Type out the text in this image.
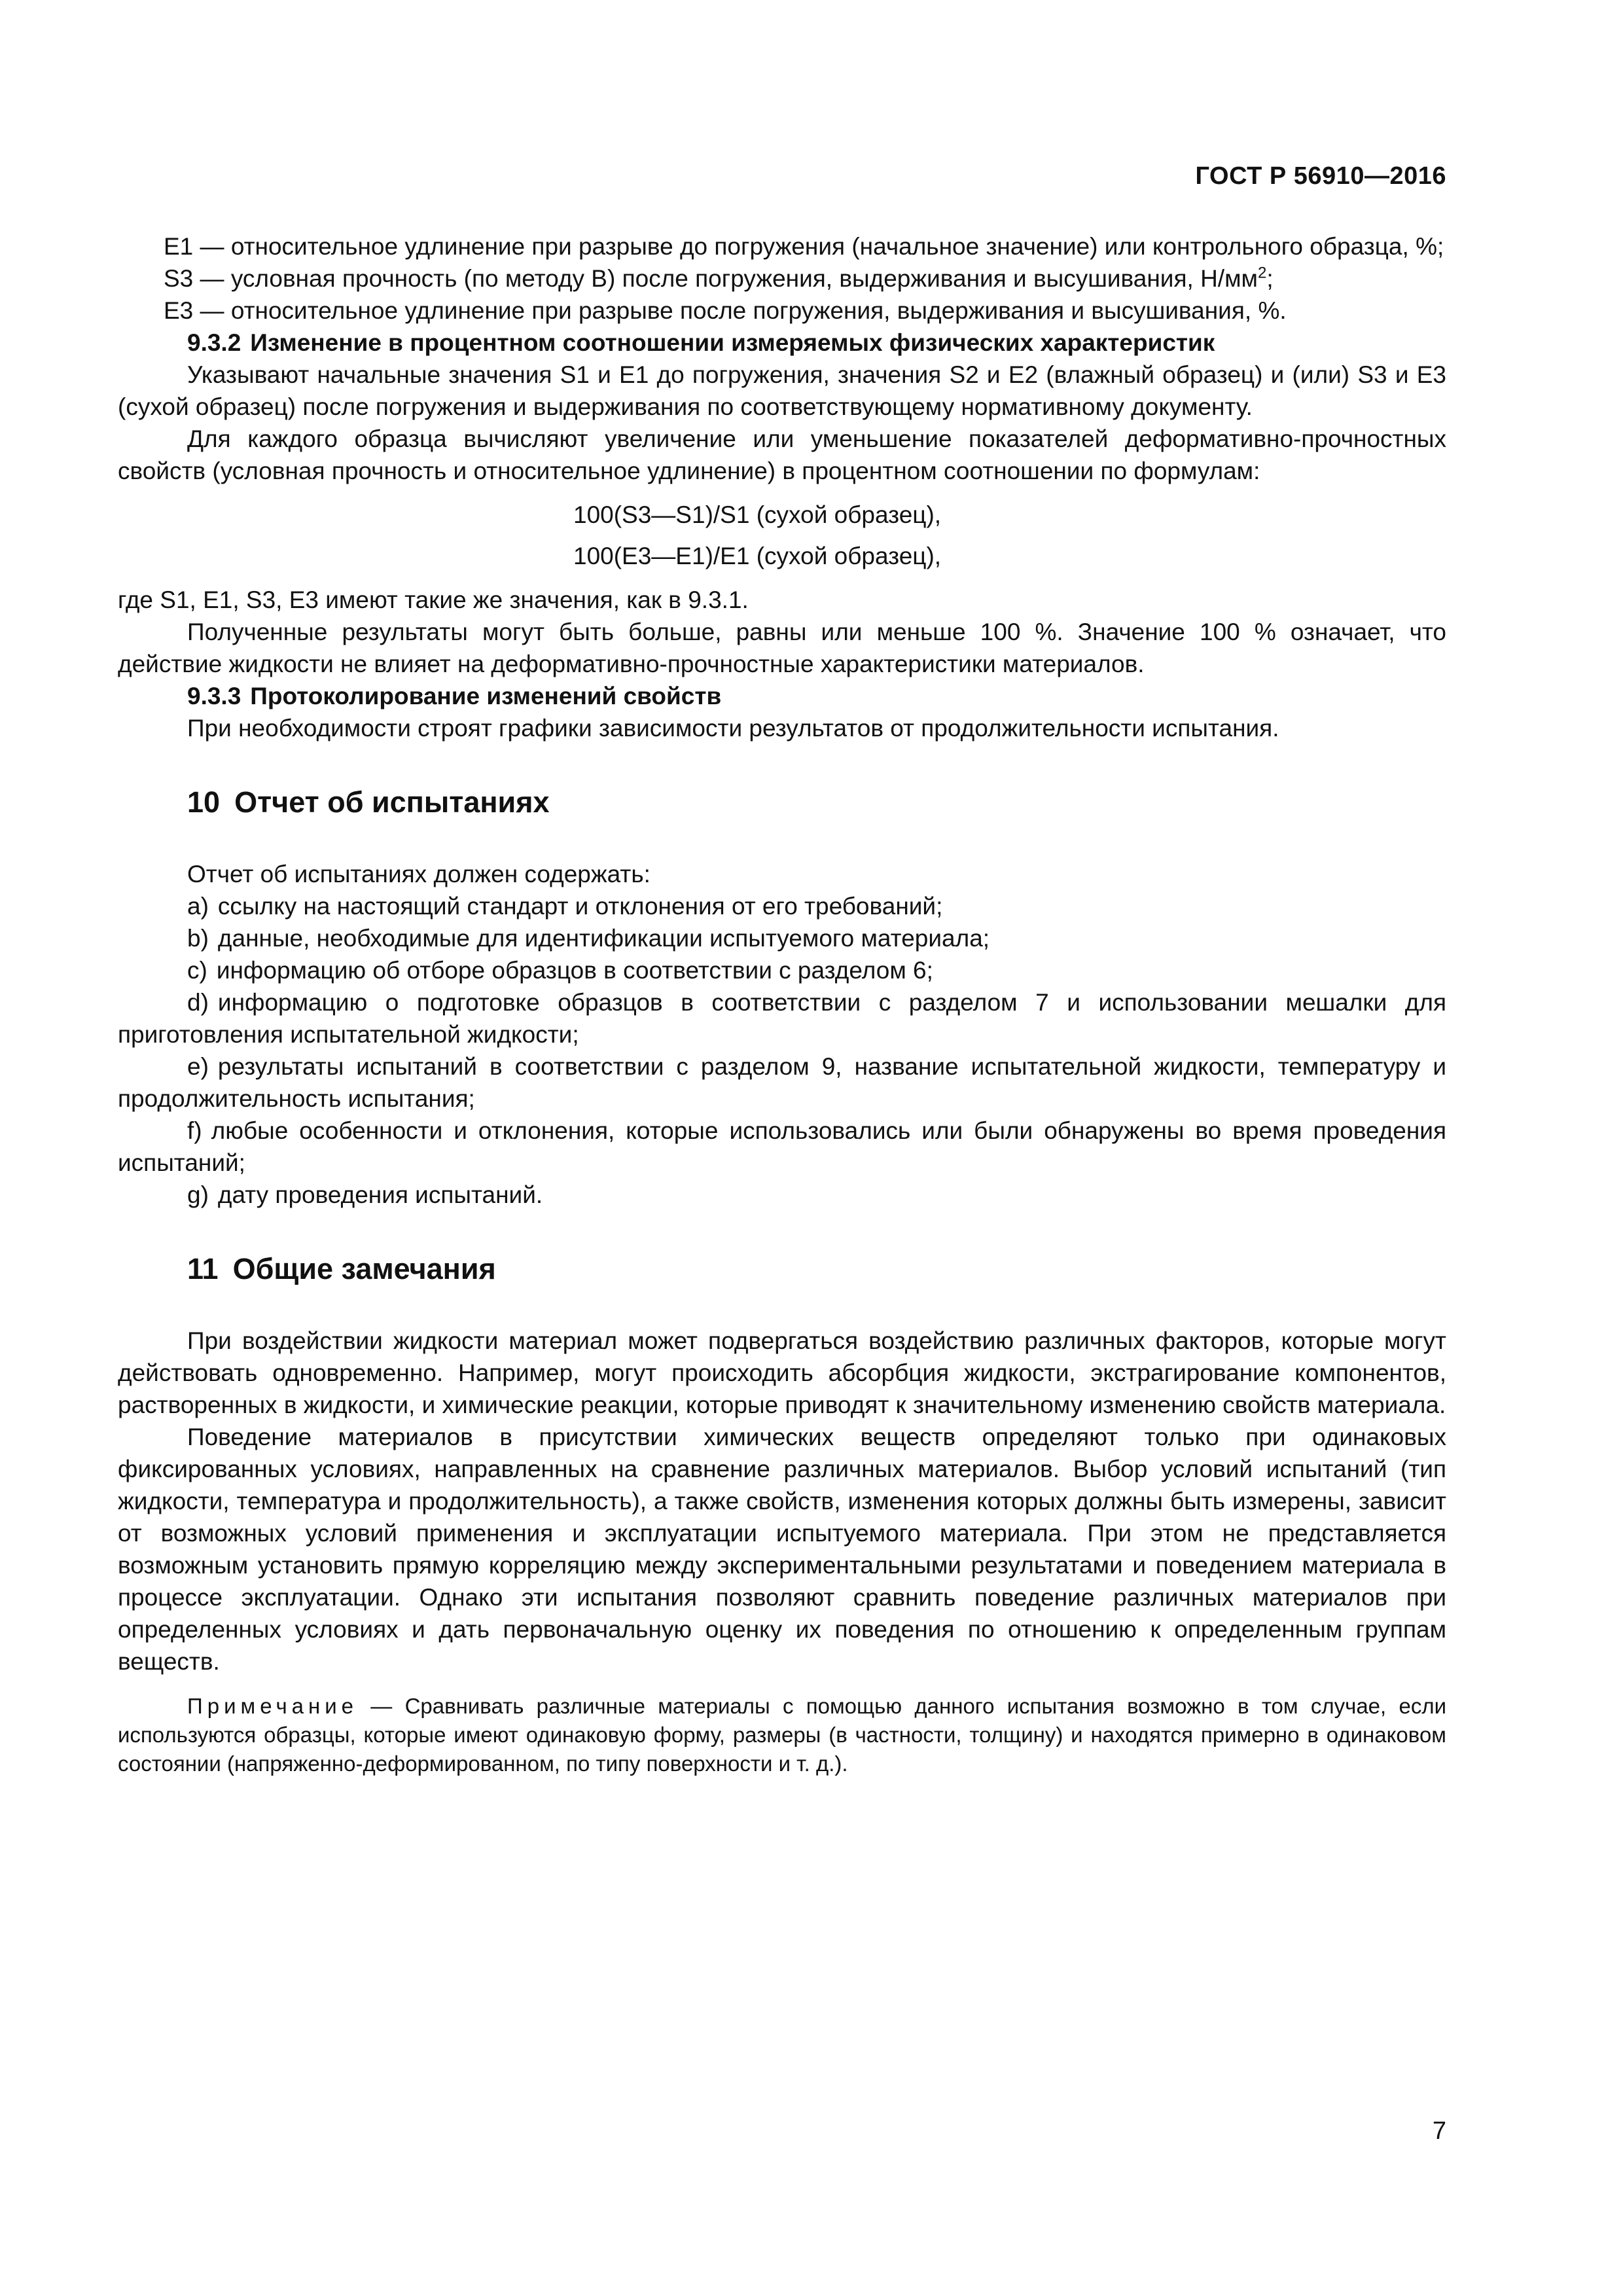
ГОСТ Р 56910—2016
E1 — относительное удлинение при разрыве до погружения (начальное значение) или контрольного образца, %;
S3 — условная прочность (по методу В) после погружения, выдерживания и высушивания, $Н/мм^2$;
E3 — относительное удлинение при разрыве после погружения, выдерживания и высушивания, %.

9.3.2 Изменение в процентном соотношении измеряемых физических характеристик

Указывают начальные значения S1 и E1 до погружения, значения S2 и E2 (влажный образец) и (или) S3 и E3 (сухой образец) после погружения и выдерживания по соответствующему нормативному документу.

Для каждого образца вычисляют увеличение или уменьшение показателей деформативно-прочностных свойств (условная прочность и относительное удлинение) в процентном соотношении по формулам:

100(S3—S1)/S1 (сухой образец),

100(E3—E1)/E1 (сухой образец),

где S1, E1, S3, E3 имеют такие же значения, как в 9.3.1.

Полученные результаты могут быть больше, равны или меньше 100 %. Значение 100 % означает, что действие жидкости не влияет на деформативно-прочностные характеристики материалов.

9.3.3 Протоколирование изменений свойств

При необходимости строят графики зависимости результатов от продолжительности испытания.

10 Отчет об испытаниях

Отчет об испытаниях должен содержать:

a) ссылку на настоящий стандарт и отклонения от его требований;

b) данные, необходимые для идентификации испытуемого материала;

c) информацию об отборе образцов в соответствии с разделом 6;

d) информацию о подготовке образцов в соответствии с разделом 7 и использовании мешалки для приготовления испытательной жидкости;

e) результаты испытаний в соответствии с разделом 9, название испытательной жидкости, температуру и продолжительность испытания;

f) любые особенности и отклонения, которые использовались или были обнаружены во время проведения испытаний;

g) дату проведения испытаний.

11 Общие замечания

При воздействии жидкости материал может подвергаться воздействию различных факторов, которые могут действовать одновременно. Например, могут происходить абсорбция жидкости, экстрагирование компонентов, растворенных в жидкости, и химические реакции, которые приводят к значительному изменению свойств материала.

Поведение материалов в присутствии химических веществ определяют только при одинаковых фиксированных условиях, направленных на сравнение различных материалов. Выбор условий испытаний (тип жидкости, температура и продолжительность), а также свойств, изменения которых должны быть измерены, зависит от возможных условий применения и эксплуатации испытуемого материала. При этом не представляется возможным установить прямую корреляцию между экспериментальными результатами и поведением материала в процессе эксплуатации. Однако эти испытания позволяют сравнить поведение различных материалов при определенных условиях и дать первоначальную оценку их поведения по отношению к определенным группам веществ.

Примечание — Сравнивать различные материалы с помощью данного испытания возможно в том случае, если используются образцы, которые имеют одинаковую форму, размеры (в частности, толщину) и находятся примерно в одинаковом состоянии (напряженно-деформированном, по типу поверхности и т. д.).

7
